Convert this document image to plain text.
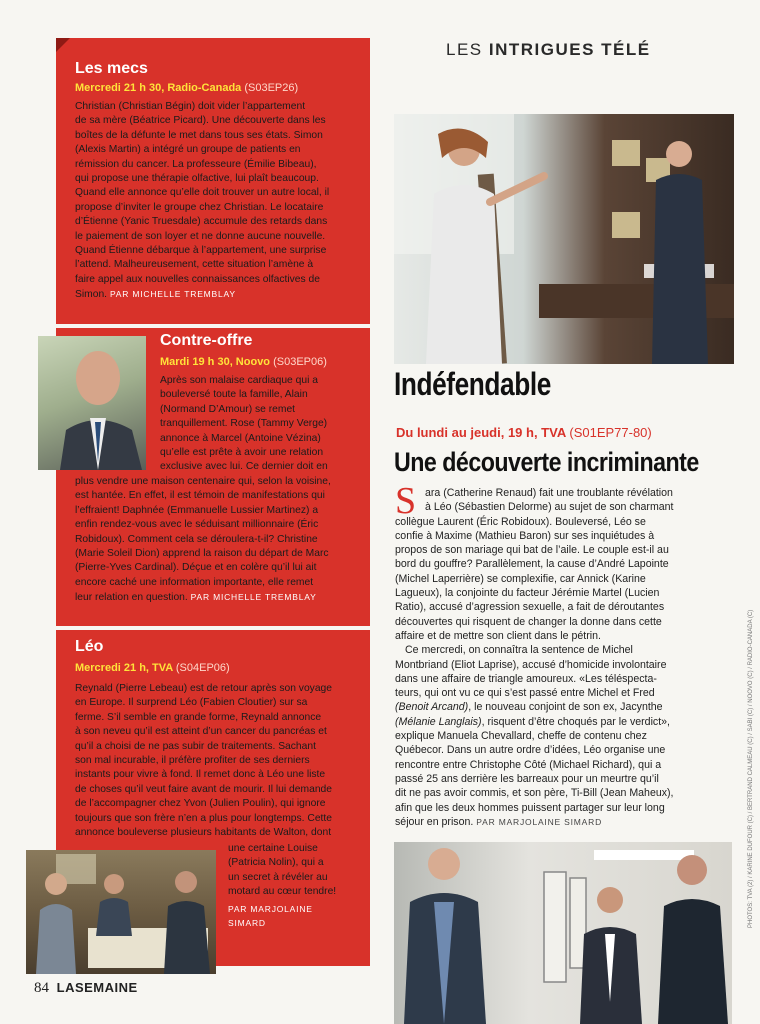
Les mecs
Mercredi 21 h 30, Radio-Canada (S03EP26)
Christian (Christian Bégin) doit vider l’appartement
de sa mère (Béatrice Picard). Une découverte dans les
boîtes de la défunte le met dans tous ses états. Simon
(Alexis Martin) a intégré un groupe de patients en
rémission du cancer. La professeure (Émilie Bibeau),
qui propose une thérapie olfactive, lui plaît beaucoup.
Quand elle annonce qu’elle doit trouver un autre local, il
propose d’inviter le groupe chez Christian. Le locataire
d’Étienne (Yanic Truesdale) accumule des retards dans
le paiement de son loyer et ne donne aucune nouvelle.
Quand Étienne débarque à l’appartement, une surprise
l’attend. Malheureusement, cette situation l’amène à
faire appel aux nouvelles connaissances olfactives de
Simon. PAR MICHELLE TREMBLAY
Contre-offre
Mardi 19 h 30, Noovo (S03EP06)
Après son malaise cardiaque qui a
bouleversé toute la famille, Alain
(Normand D’Amour) se remet
tranquillement. Rose (Tammy Verge)
annonce à Marcel (Antoine Vézina)
qu’elle est prête à avoir une relation
exclusive avec lui. Ce dernier doit en
plus vendre une maison centenaire qui, selon la voisine,
est hantée. En effet, il est témoin de manifestations qui
l’effraient! Daphnée (Emmanuelle Lussier Martinez) a
enfin rendez-vous avec le séduisant millionnaire (Éric
Robidoux). Comment cela se déroulera-t-il? Christine
(Marie Soleil Dion) apprend la raison du départ de Marc
(Pierre-Yves Cardinal). Déçue et en colère qu’il lui ait
encore caché une information importante, elle remet
leur relation en question. PAR MICHELLE TREMBLAY
Léo
Mercredi 21 h, TVA (S04EP06)
Reynald (Pierre Lebeau) est de retour après son voyage
en Europe. Il surprend Léo (Fabien Cloutier) sur sa
ferme. S’il semble en grande forme, Reynald annonce
à son neveu qu’il est atteint d’un cancer du pancréas et
qu’il a choisi de ne pas subir de traitements. Sachant
son mal incurable, il préfère profiter de ses derniers
instants pour vivre à fond. Il remet donc à Léo une liste
de choses qu’il veut faire avant de mourir. Il lui demande
de l’accompagner chez Yvon (Julien Poulin), qui ignore
toujours que son frère n’en a plus pour longtemps. Cette
annonce bouleverse plusieurs habitants de Walton, dont
une certaine Louise
(Patricia Nolin), qui a
un secret à révéler au
motard au cœur tendre!
PAR MARJOLAINE
SIMARD
LES INTRIGUES TÉLÉ
Indéfendable
Du lundi au jeudi, 19 h, TVA (S01EP77-80)
Une découverte incriminante
S ara (Catherine Renaud) fait une troublante révélation
à Léo (Sébastien Delorme) au sujet de son charmant
collègue Laurent (Éric Robidoux). Bouleversé, Léo se
confie à Maxime (Mathieu Baron) sur ses inquiétudes à
propos de son mariage qui bat de l’aile. Le couple est-il au
bord du gouffre? Parallèlement, la cause d’André Lapointe
(Michel Laperrière) se complexifie, car Annick (Karine
Lagueux), la conjointe du facteur Jérémie Martel (Lucien
Ratio), accusé d’agression sexuelle, a fait de déroutantes
découvertes qui risquent de changer la donne dans cette
affaire et de mettre son client dans le pétrin.
Ce mercredi, on connaîtra la sentence de Michel
Montbriand (Eliot Laprise), accusé d’homicide involontaire
dans une affaire de triangle amoureux. «Les téléspecta-
teurs, qui ont vu ce qui s’est passé entre Michel et Fred
(Benoit Arcand), le nouveau conjoint de son ex, Jacynthe
(Mélanie Langlais), risquent d’être choqués par le verdict»,
explique Manuela Chevallard, cheffe de contenu chez
Québecor. Dans un autre ordre d’idées, Léo organise une
rencontre entre Christophe Côté (Michael Richard), qui a
passé 25 ans derrière les barreaux pour un meurtre qu’il
dit ne pas avoir commis, et son père, Ti-Bill (Jean Maheux),
afin que les deux hommes puissent partager sur leur long
séjour en prison. PAR MARJOLAINE SIMARD	PHOTOS: TVA (2) / KARINE DUFOUR (C) / BERTRAND CALMEAU (C) / SABI (C) / NOOVO (C) / RADIO-CANADA (C)
84 LASEMAINE
